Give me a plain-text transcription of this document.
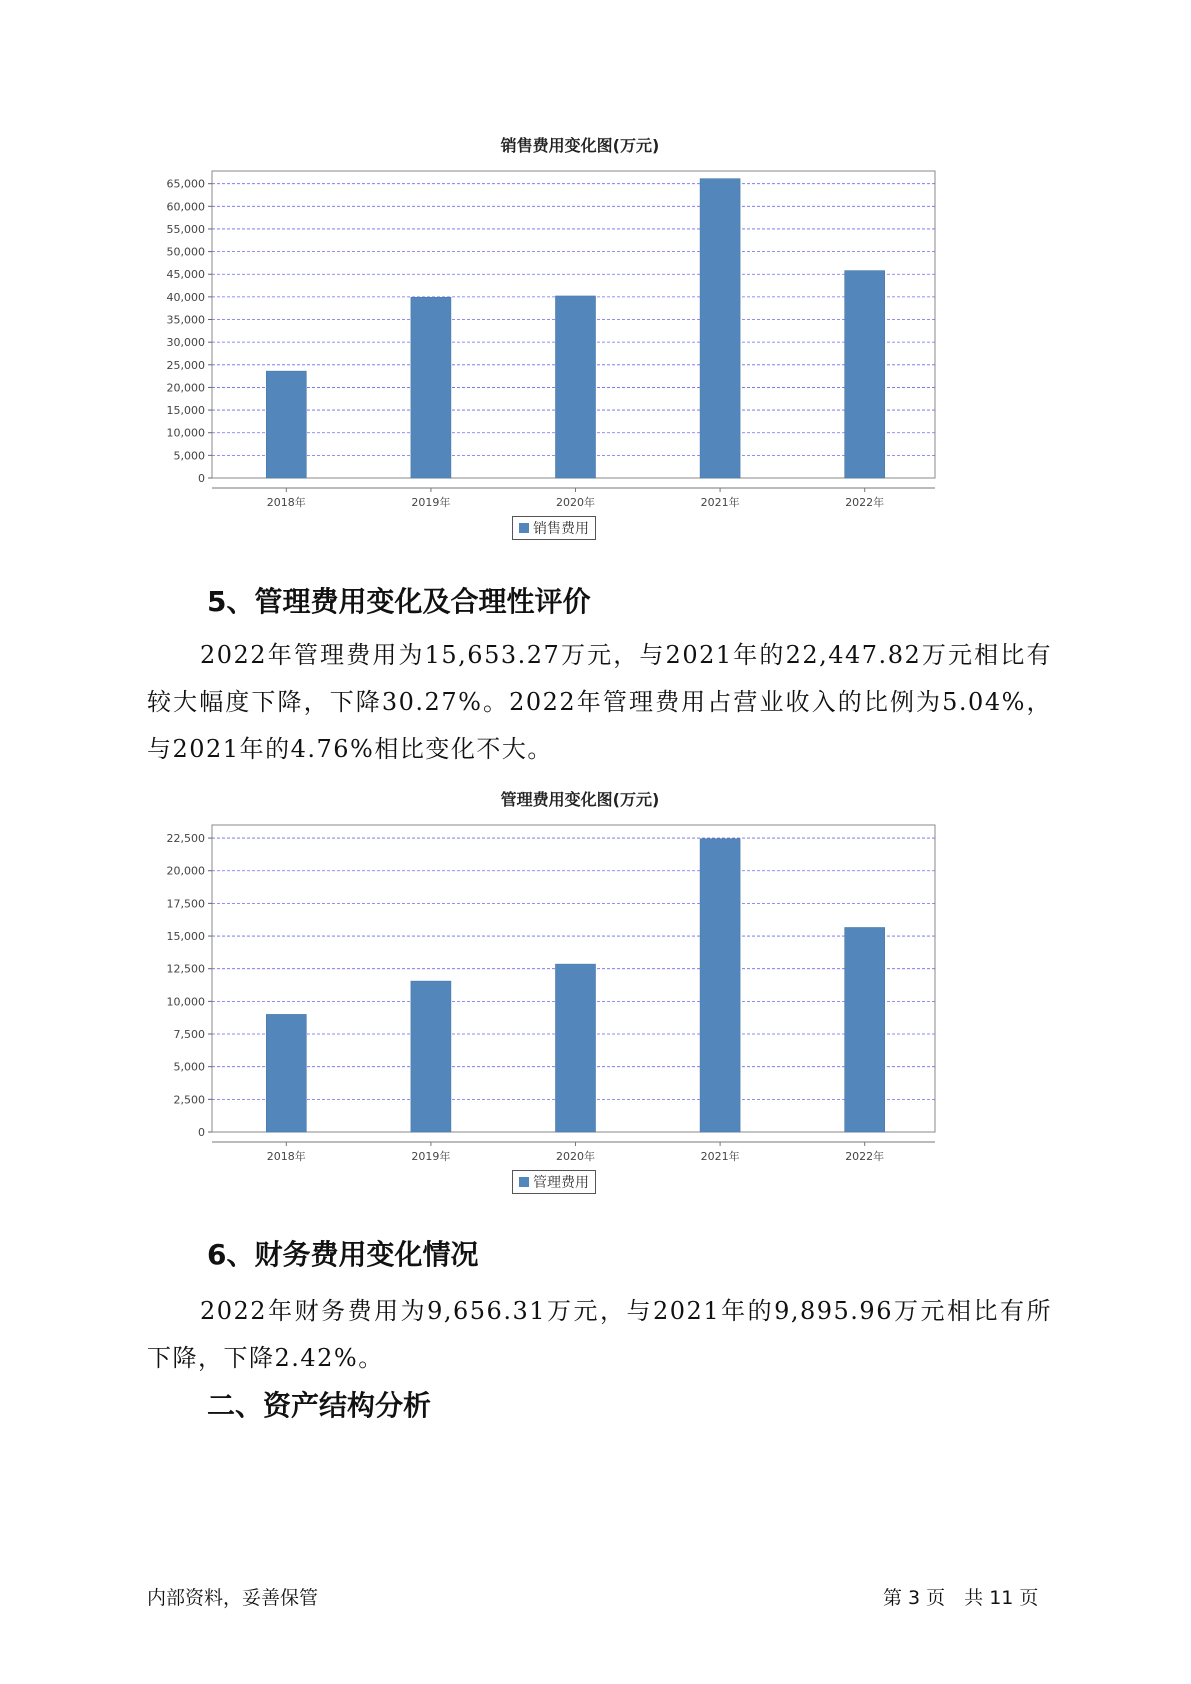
销售费用变化图(万元)
0
5,000
10,000
15,000
20,000
25,000
30,000
35,000
40,000
45,000
50,000
55,000
60,000
65,000
2018年	2019年	2020年	2021年	2022年
销售费用
5、管理费用变化及合理性评价
2022年管理费用为15,653.27万元，与2021年的22,447.82万元相比有较大幅度下降，下降30.27%。2022年管理费用占营业收入的比例为5.04%，与2021年的4.76%相比变化不大。
管理费用变化图(万元)
0
2,500
5,000
7,500
10,000
12,500
15,000
17,500
20,000
22,500
2018年	2019年	2020年	2021年	2022年
管理费用
6、财务费用变化情况
2022年财务费用为9,656.31万元，与2021年的9,895.96万元相比有所下降，下降2.42%。
二、资产结构分析
内部资料，妥善保管	第 3 页　共 11 页
